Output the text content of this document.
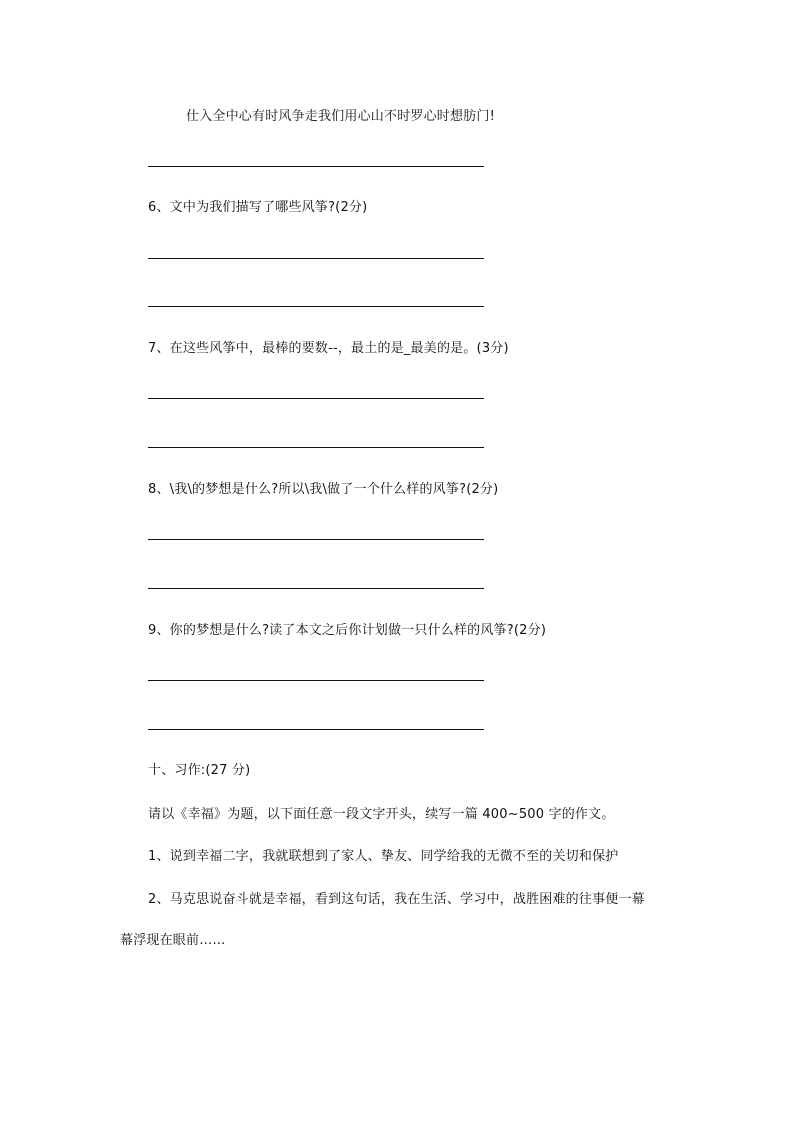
仕入全中心有时风争走我们用心山不时罗心时想肪门!

6、文中为我们描写了哪些风筝?(2分)

7、在这些风筝中，最棒的要数--，最土的是_最美的是。(3分)

8、\我\的梦想是什么?所以\我\做了一个什么样的风筝?(2分)

9、你的梦想是什么?读了本文之后你计划做一只什么样的风筝?(2分)

十、习作:(27 分)

请以《幸福》为题，以下面任意一段文字开头，续写一篇 400~500 字的作文。

1、说到幸福二字，我就联想到了家人、挚友、同学给我的无微不至的关切和保护

2、马克思说奋斗就是幸福，看到这句话，我在生活、学习中，战胜困难的往事便一幕

幕浮现在眼前……
